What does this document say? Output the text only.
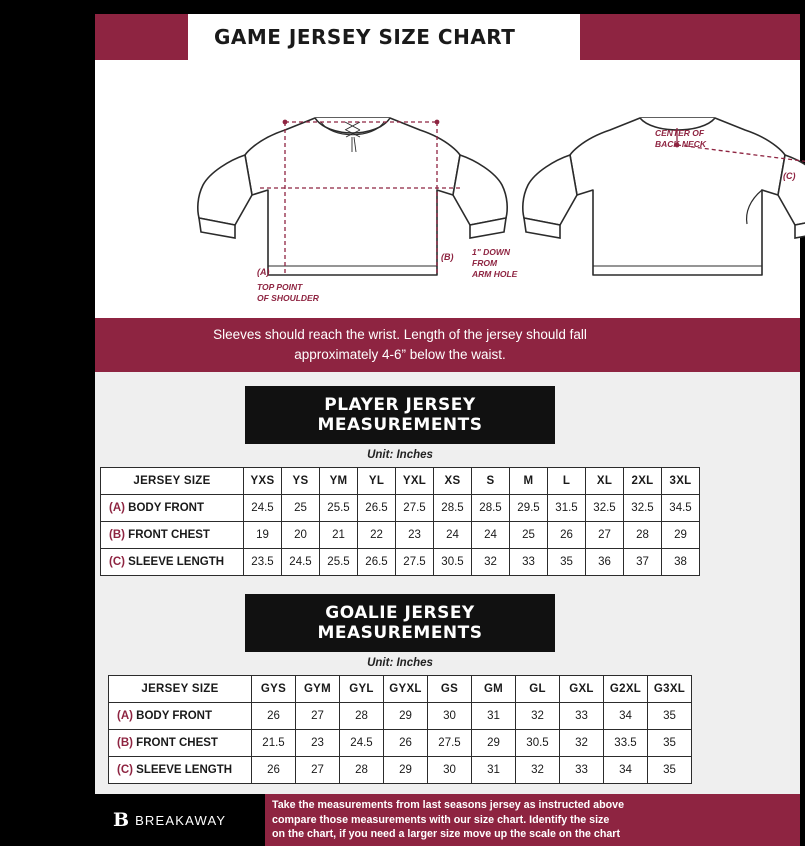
GAME JERSEY SIZE CHART
B
(A)
TOP POINT
OF SHOULDER
(B) 1" DOWN
FROM
ARM HOLE
CENTER OF
BACK NECK
(C)

Sleeves should reach the wrist. Length of the jersey should fall
approximately 4-6” below the waist.

PLAYER JERSEY MEASUREMENTS
Unit: Inches
JERSEY SIZE	YXS	YS	YM	YL	YXL	XS	S	M	L	XL	2XL	3XL
(A) BODY FRONT	24.5	25	25.5	26.5	27.5	28.5	28.5	29.5	31.5	32.5	32.5	34.5
(B) FRONT CHEST	19	20	21	22	23	24	24	25	26	27	28	29
(C) SLEEVE LENGTH	23.5	24.5	25.5	26.5	27.5	30.5	32	33	35	36	37	38
GOALIE JERSEY MEASUREMENTS
Unit: Inches
JERSEY SIZE	GYS	GYM	GYL	GYXL	GS	GM	GL	GXL	G2XL	G3XL
(A) BODY FRONT	26	27	28	29	30	31	32	33	34	35
(B) FRONT CHEST	21.5	23	24.5	26	27.5	29	30.5	32	33.5	35
(C) SLEEVE LENGTH	26	27	28	29	30	31	32	33	34	35
B BREAKAWAY
Take the measurements from last seasons jersey as instructed above
compare those measurements with our size chart. Identify the size
on the chart, if you need a larger size move up the scale on the chart
